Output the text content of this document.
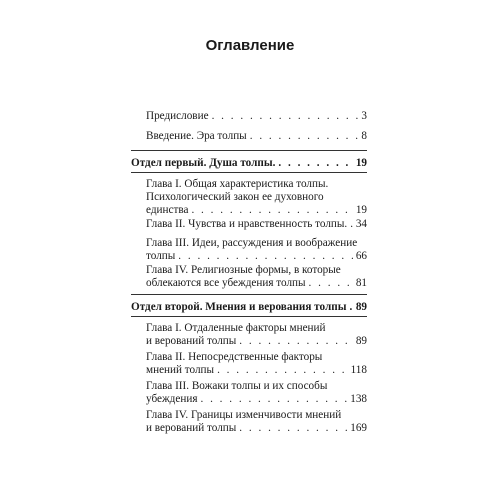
Оглавление
Предисловие . . .	3
Введение. Эра толпы . . .	8
Отдел первый. Душа толпы. . . .	19
Глава I. Общая характеристика толпы.
Психологический закон ее духовного
единства . . .	19
Глава II. Чувства и нравственность толпы. . . . 34
Глава III. Идеи, рассуждения и воображение
толпы . . .	66
Глава IV. Религиозные формы, в которые
облекаются все убеждения толпы . . .	81
Отдел второй. Мнения и верования толпы . . . 89
Глава I. Отдаленные факторы мнений
и верований толпы . . .	89
Глава II. Непосредственные факторы
мнений толпы . . .	118
Глава III. Вожаки толпы и их способы
убеждения . . .	138
Глава IV. Границы изменчивости мнений
и верований толпы . . .	169
